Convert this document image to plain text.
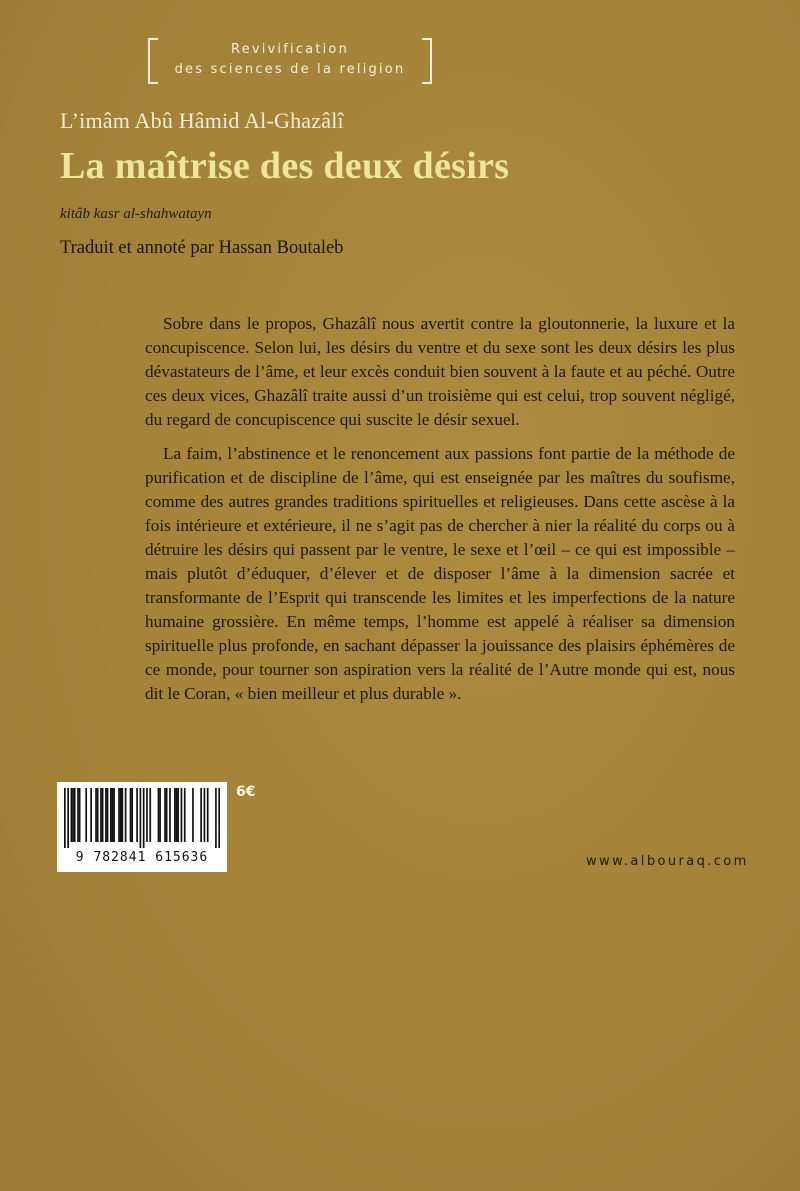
Revivification
des sciences de la religion
L’imâm Abû Hâmid Al-Ghazâlî
La maîtrise des deux désirs
kitâb kasr al-shahwatayn
Traduit et annoté par Hassan Boutaleb

Sobre dans le propos, Ghazâlî nous avertit contre la gloutonnerie, la luxure et la concupiscence. Selon lui, les désirs du ventre et du sexe sont les deux désirs les plus dévastateurs de l’âme, et leur excès conduit bien souvent à la faute et au péché. Outre ces deux vices, Ghazâlî traite aussi d’un troisième qui est celui, trop souvent négligé, du regard de concupiscence qui suscite le désir sexuel.

La faim, l’abstinence et le renoncement aux passions font partie de la méthode de purification et de discipline de l’âme, qui est enseignée par les maîtres du soufisme, comme des autres grandes traditions spirituelles et religieuses. Dans cette ascèse à la fois intérieure et extérieure, il ne s’agit pas de chercher à nier la réalité du corps ou à détruire les désirs qui passent par le ventre, le sexe et l’œil – ce qui est impossible – mais plutôt d’éduquer, d’élever et de disposer l’âme à la dimension sacrée et transformante de l’Esprit qui transcende les limites et les imperfections de la nature humaine grossière. En même temps, l’homme est appelé à réaliser sa dimension spirituelle plus profonde, en sachant dépasser la jouissance des plaisirs éphémères de ce monde, pour tourner son aspiration vers la réalité de l’Autre monde qui est, nous dit le Coran, « bien meilleur et plus durable ».

9 782841 615636
6€
www.albouraq.com
